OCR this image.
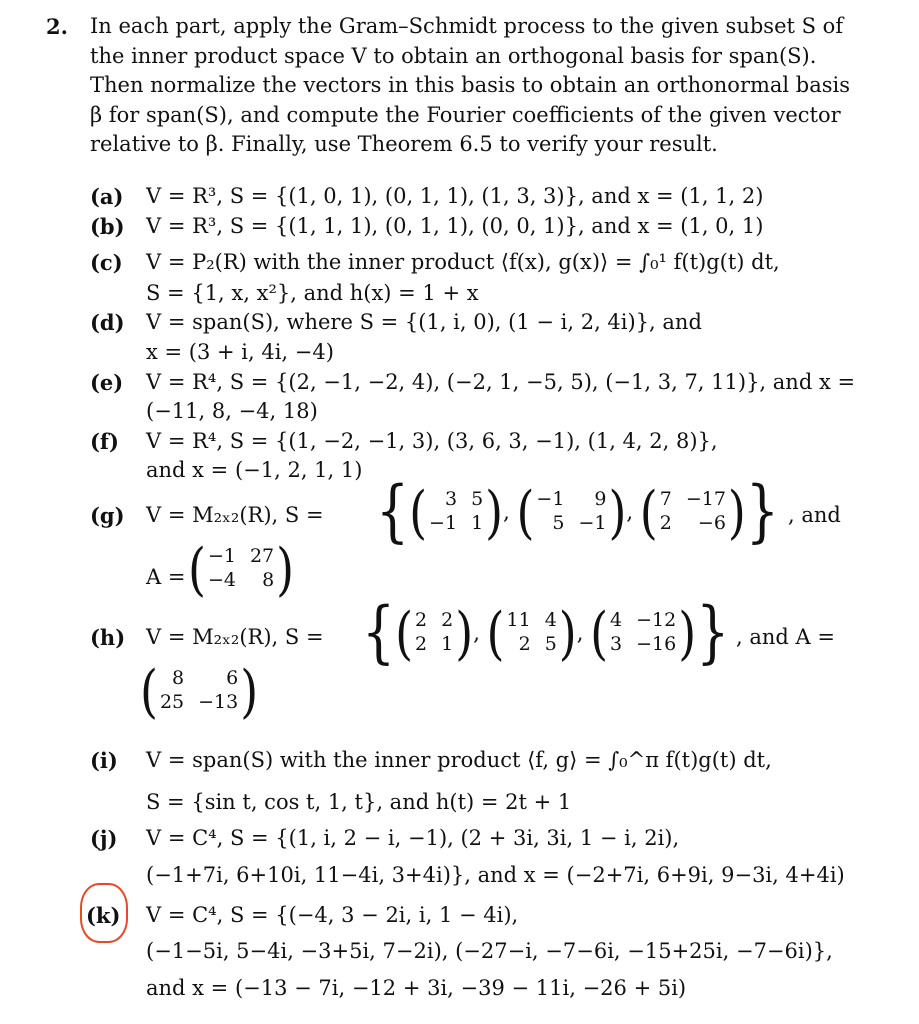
2. In each part, apply the Gram–Schmidt process to the given subset S of
the inner product space V to obtain an orthogonal basis for span(S).
Then normalize the vectors in this basis to obtain an orthonormal basis
β for span(S), and compute the Fourier coefficients of the given vector
relative to β. Finally, use Theorem 6.5 to verify your result.
(a) V = R³, S = {(1, 0, 1), (0, 1, 1), (1, 3, 3)}, and x = (1, 1, 2)
(b) V = R³, S = {(1, 1, 1), (0, 1, 1), (0, 0, 1)}, and x = (1, 0, 1)
(c) V = P₂(R) with the inner product ⟨f(x), g(x)⟩ = ∫₀¹ f(t)g(t) dt,
S = {1, x, x²}, and h(x) = 1 + x
(d) V = span(S), where S = {(1, i, 0), (1 − i, 2, 4i)}, and
x = (3 + i, 4i, −4)
(e) V = R⁴, S = {(2, −1, −2, 4), (−2, 1, −5, 5), (−1, 3, 7, 11)}, and x =
(−11, 8, −4, 18)
(f) V = R⁴, S = {(1, −2, −1, 3), (3, 6, 3, −1), (1, 4, 2, 8)},
and x = (−1, 2, 1, 1)
(g) V = M₂ₓ₂(R), S = { ( 3 5
−1 1 ) , ( −1	9
5 −1 ) , ( 7 −17
2	−6 ) } , and
A = ( −1 27
−4	8 )
(h) V = M₂ₓ₂(R), S = { ( 2 2
2 1 ) , ( 11 4
2 5 ) , ( 4 −12
3 −16 ) } , and A =
( 8	6
25 −13 )
(i) V = span(S) with the inner product ⟨f, g⟩ = ∫₀^π f(t)g(t) dt,
S = {sin t, cos t, 1, t}, and h(t) = 2t + 1
(j) V = C⁴, S = {(1, i, 2 − i, −1), (2 + 3i, 3i, 1 − i, 2i),
(−1+7i, 6+10i, 11−4i, 3+4i)}, and x = (−2+7i, 6+9i, 9−3i, 4+4i)
(k) V = C⁴, S = {(−4, 3 − 2i, i, 1 − 4i),
(−1−5i, 5−4i, −3+5i, 7−2i), (−27−i, −7−6i, −15+25i, −7−6i)},
and x = (−13 − 7i, −12 + 3i, −39 − 11i, −26 + 5i)
